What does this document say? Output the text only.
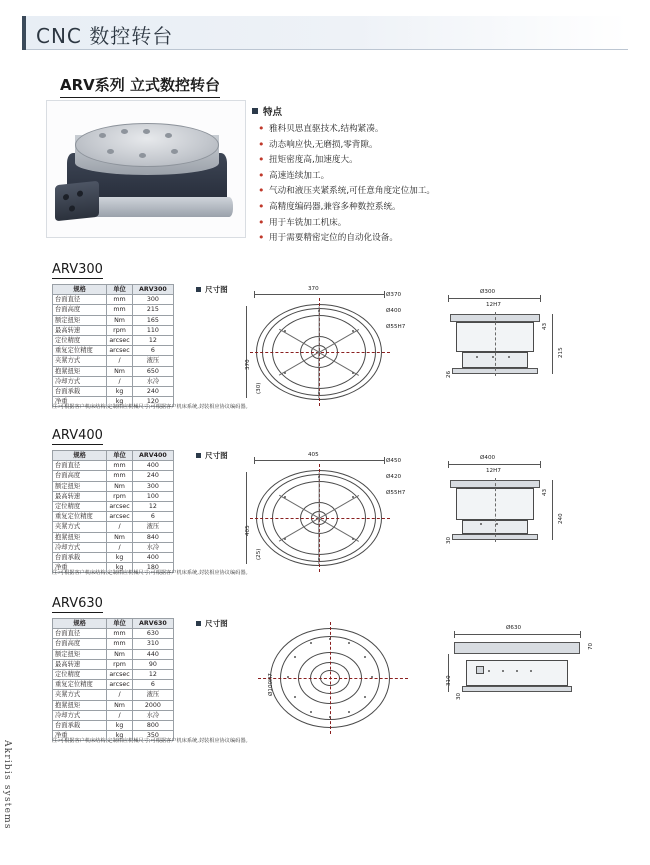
CNC 数控转台
ARV系列 立式数控转台
特点
• 雅科贝思直驱技术,结构紧凑。
• 动态响应快,无磨损,零背隙。
• 扭矩密度高,加速度大。
• 高速连续加工。
• 气动和液压夹紧系统,可任意角度定位加工。
• 高精度编码器,兼容多种数控系统。
• 用于车铣加工机床。
• 用于需要精密定位的自动化设备。
ARV300
规格	单位	ARV300
台面直径	mm	300
台面高度	mm	215
额定扭矩	Nm	165
最高转速	rpm	110
定位精度	arcsec	12
重复定位精度	arcsec	6
夹紧方式	/	液压
抱紧扭矩	Nm	650
冷却方式	/	水冷
台面承载	kg	240
净重	kg	120
注:可根据客户机床结构,定制相应机械尺寸;可根据客户机床系统,封装相应协议编码器。
尺寸图	370
370
Ø370
Ø400
Ø55H7
(30)
Ø300
12H7
215
43
26
ARV400
规格	单位	ARV400
台面直径	mm	400
台面高度	mm	240
额定扭矩	Nm	300
最高转速	rpm	100
定位精度	arcsec	12
重复定位精度	arcsec	6
夹紧方式	/	液压
抱紧扭矩	Nm	840
冷却方式	/	水冷
台面承载	kg	400
净重	kg	180
注:可根据客户机床结构,定制相应机械尺寸;可根据客户机床系统,封装相应协议编码器。
尺寸图	405
405
Ø450
Ø420
Ø55H7
(25)
Ø400
12H7
240
43
30
ARV630
规格	单位	ARV630
台面直径	mm	630
台面高度	mm	310
额定扭矩	Nm	440
最高转速	rpm	90
定位精度	arcsec	12
重复定位精度	arcsec	6
夹紧方式	/	液压
抱紧扭矩	Nm	2000
冷却方式	/	水冷
台面承载	kg	800
净重	kg	350
注:可根据客户机床结构,定制相应机械尺寸;可根据客户机床系统,封装相应协议编码器。
尺寸图
Ø100H7
Ø630
70
310
30
Akribis systems
